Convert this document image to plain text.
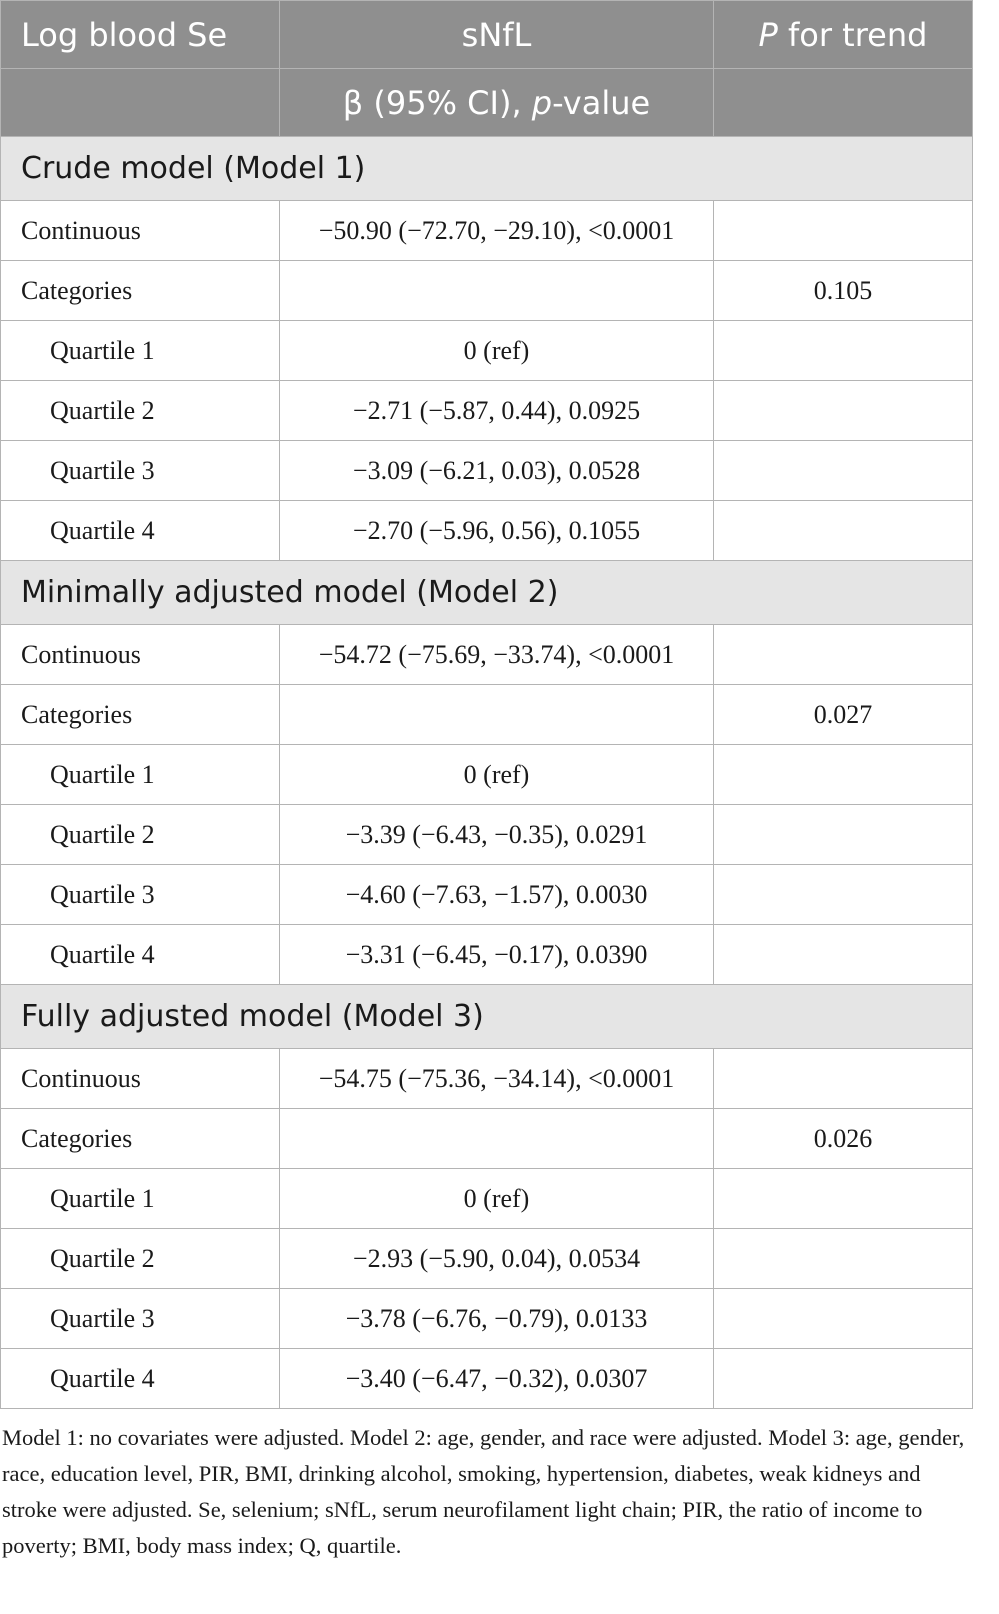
Log blood Se	sNfL	P for trend
	β (95% CI), p-value	
Crude model (Model 1)		
Continuous	−50.90 (−72.70, −29.10), <0.0001	
Categories		0.105
Quartile 1	0 (ref)	
Quartile 2	−2.71 (−5.87, 0.44), 0.0925	
Quartile 3	−3.09 (−6.21, 0.03), 0.0528	
Quartile 4	−2.70 (−5.96, 0.56), 0.1055	
Minimally adjusted model (Model 2)		
Continuous	−54.72 (−75.69, −33.74), <0.0001	
Categories		0.027
Quartile 1	0 (ref)	
Quartile 2	−3.39 (−6.43, −0.35), 0.0291	
Quartile 3	−4.60 (−7.63, −1.57), 0.0030	
Quartile 4	−3.31 (−6.45, −0.17), 0.0390	
Fully adjusted model (Model 3)		
Continuous	−54.75 (−75.36, −34.14), <0.0001	
Categories		0.026
Quartile 1	0 (ref)	
Quartile 2	−2.93 (−5.90, 0.04), 0.0534	
Quartile 3	−3.78 (−6.76, −0.79), 0.0133	
Quartile 4	−3.40 (−6.47, −0.32), 0.0307	
Model 1: no covariates were adjusted. Model 2: age, gender, and race were adjusted. Model 3: age, gender, race, education level, PIR, BMI, drinking alcohol, smoking, hypertension, diabetes, weak kidneys and stroke were adjusted. Se, selenium; sNfL, serum neurofilament light chain; PIR, the ratio of income to poverty; BMI, body mass index; Q, quartile.
